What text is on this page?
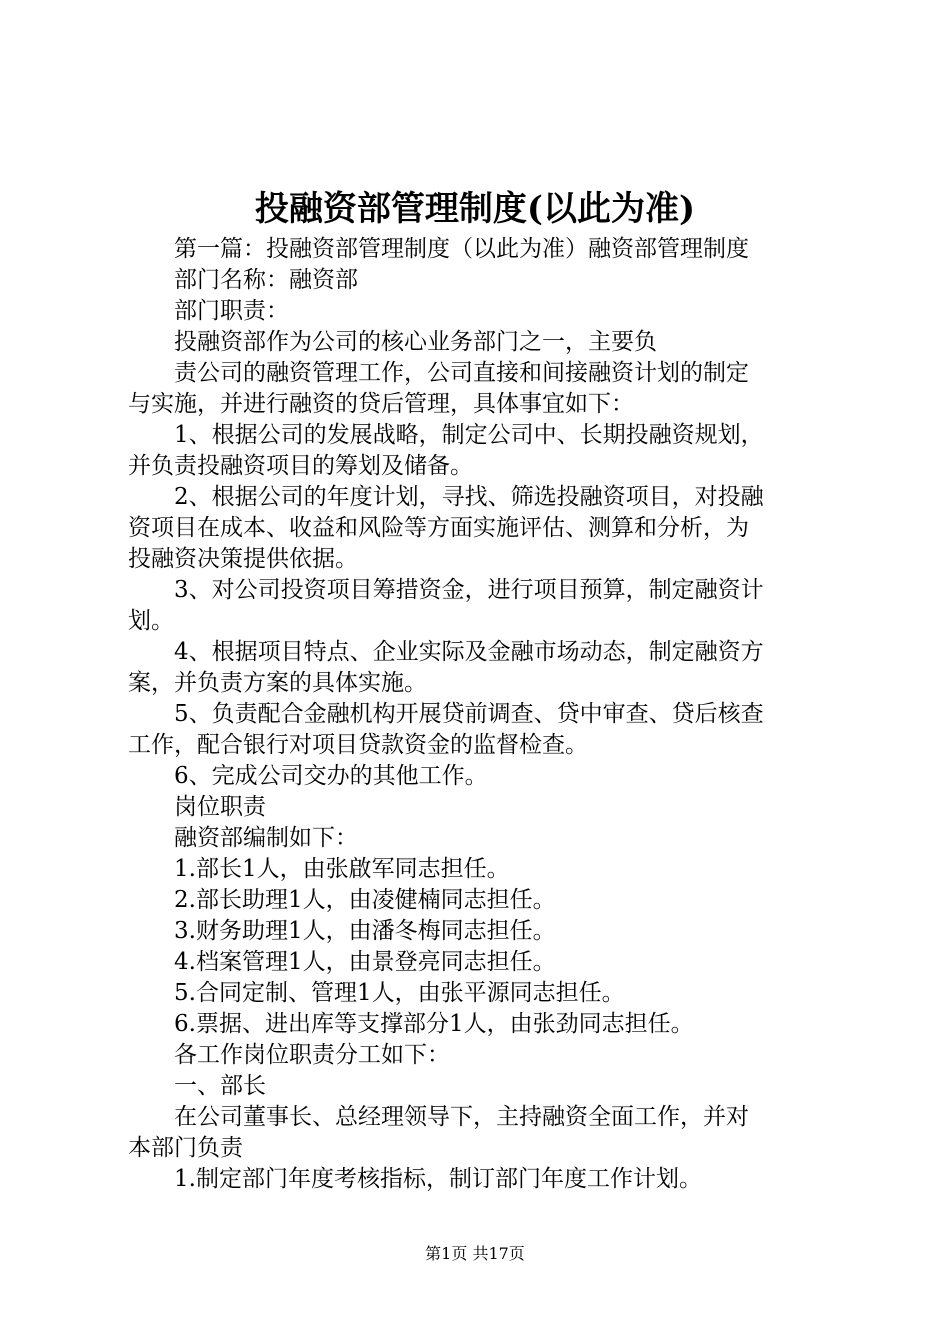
投融资部管理制度(以此为准)
　　第一篇：投融资部管理制度（以此为准）融资部管理制度
　　部门名称：融资部
　　部门职责：
　　投融资部作为公司的核心业务部门之一，主要负
　　责公司的融资管理工作，公司直接和间接融资计划的制定
与实施，并进行融资的贷后管理，具体事宜如下：
　　1、根据公司的发展战略，制定公司中、长期投融资规划，
并负责投融资项目的筹划及储备。
　　2、根据公司的年度计划，寻找、筛选投融资项目，对投融
资项目在成本、收益和风险等方面实施评估、测算和分析，为
投融资决策提供依据。
　　3、对公司投资项目筹措资金，进行项目预算，制定融资计
划。
　　4、根据项目特点、企业实际及金融市场动态，制定融资方
案，并负责方案的具体实施。
　　5、负责配合金融机构开展贷前调查、贷中审查、贷后核查
工作，配合银行对项目贷款资金的监督检查。
　　6、完成公司交办的其他工作。
　　岗位职责
　　融资部编制如下：
　　1.部长1人，由张啟军同志担任。
　　2.部长助理1人，由凌健楠同志担任。
　　3.财务助理1人，由潘冬梅同志担任。
　　4.档案管理1人，由景登亮同志担任。
　　5.合同定制、管理1人，由张平源同志担任。
　　6.票据、进出库等支撑部分1人，由张劲同志担任。
　　各工作岗位职责分工如下：
　　一、部长
　　在公司董事长、总经理领导下，主持融资全面工作，并对
本部门负责
　　1.制定部门年度考核指标，制订部门年度工作计划。
第1页 共17页
